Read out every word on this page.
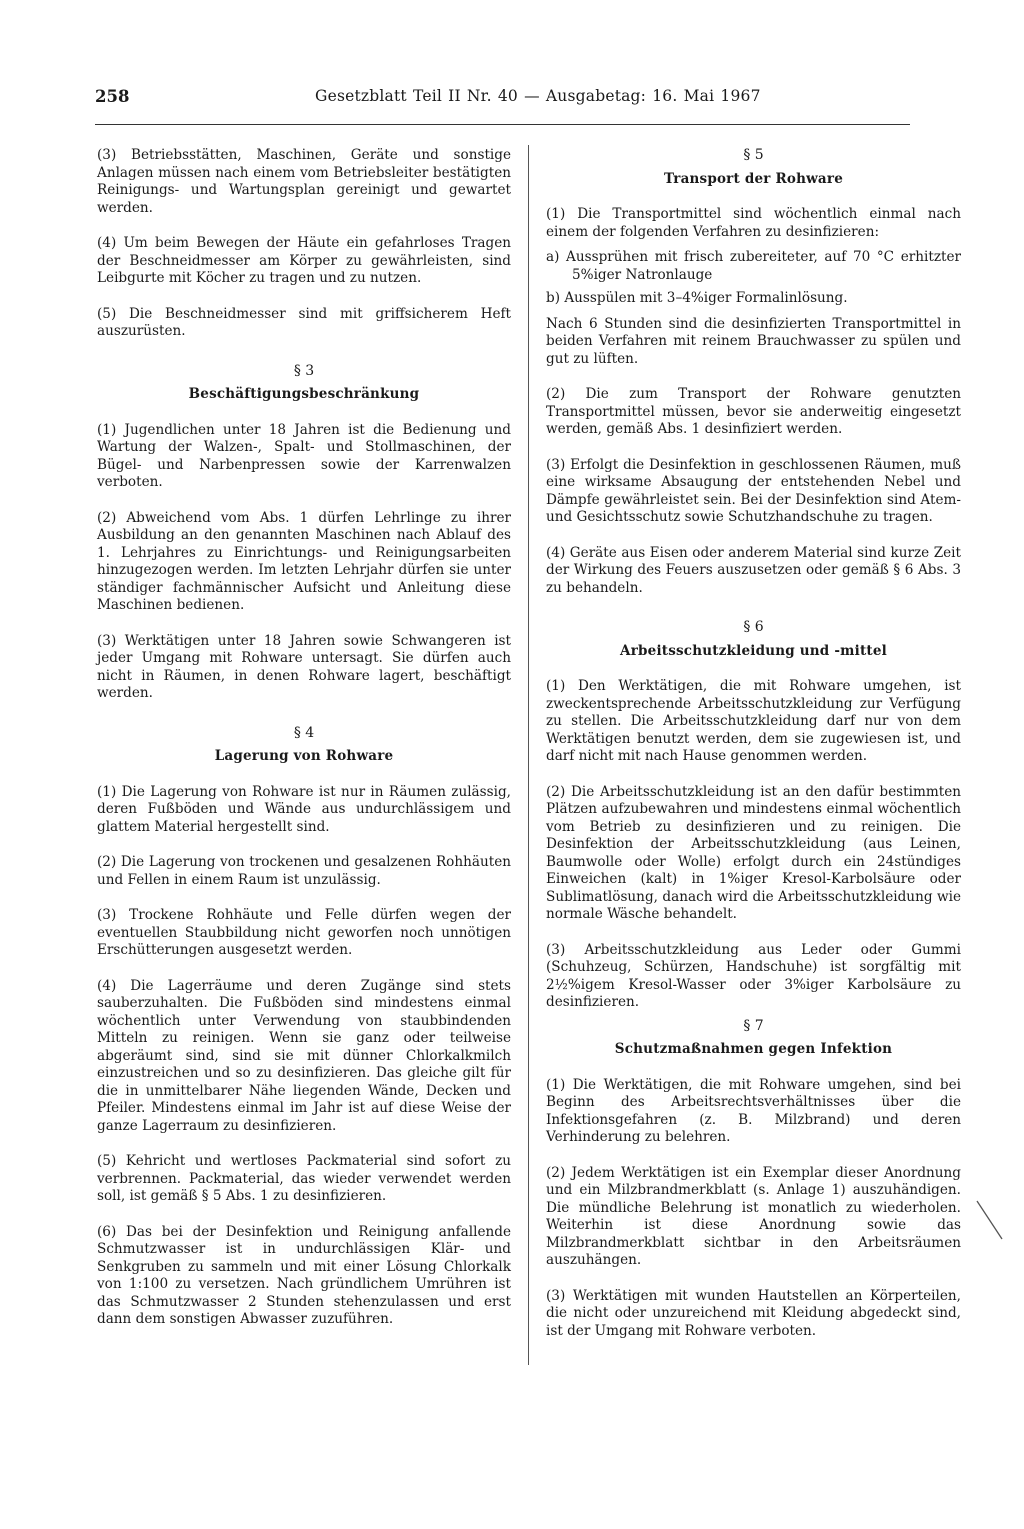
258	Gesetzblatt Teil II Nr. 40 — Ausgabetag: 16. Mai 1967

(3) Betriebsstätten, Maschinen, Geräte und sonstige Anlagen müssen nach einem vom Betriebsleiter bestätigten Reinigungs- und Wartungsplan gereinigt und gewartet werden.

(4) Um beim Bewegen der Häute ein gefahrloses Tragen der Beschneidmesser am Körper zu gewährleisten, sind Leibgurte mit Köcher zu tragen und zu nutzen.

(5) Die Beschneidmesser sind mit griffsicherem Heft auszurüsten.

§ 3
Beschäftigungsbeschränkung

(1) Jugendlichen unter 18 Jahren ist die Bedienung und Wartung der Walzen-, Spalt- und Stollmaschinen, der Bügel- und Narbenpressen sowie der Karrenwalzen verboten.

(2) Abweichend vom Abs. 1 dürfen Lehrlinge zu ihrer Ausbildung an den genannten Maschinen nach Ablauf des 1. Lehrjahres zu Einrichtungs- und Reinigungsarbeiten hinzugezogen werden. Im letzten Lehrjahr dürfen sie unter ständiger fachmännischer Aufsicht und Anleitung diese Maschinen bedienen.

(3) Werktätigen unter 18 Jahren sowie Schwangeren ist jeder Umgang mit Rohware untersagt. Sie dürfen auch nicht in Räumen, in denen Rohware lagert, beschäftigt werden.

§ 4
Lagerung von Rohware

(1) Die Lagerung von Rohware ist nur in Räumen zulässig, deren Fußböden und Wände aus undurchlässigem und glattem Material hergestellt sind.

(2) Die Lagerung von trockenen und gesalzenen Rohhäuten und Fellen in einem Raum ist unzulässig.

(3) Trockene Rohhäute und Felle dürfen wegen der eventuellen Staubbildung nicht geworfen noch unnötigen Erschütterungen ausgesetzt werden.

(4) Die Lagerräume und deren Zugänge sind stets sauberzuhalten. Die Fußböden sind mindestens einmal wöchentlich unter Verwendung von staubbindenden Mitteln zu reinigen. Wenn sie ganz oder teilweise abgeräumt sind, sind sie mit dünner Chlorkalkmilch einzustreichen und so zu desinfizieren. Das gleiche gilt für die in unmittelbarer Nähe liegenden Wände, Decken und Pfeiler. Mindestens einmal im Jahr ist auf diese Weise der ganze Lagerraum zu desinfizieren.

(5) Kehricht und wertloses Packmaterial sind sofort zu verbrennen. Packmaterial, das wieder verwendet werden soll, ist gemäß § 5 Abs. 1 zu desinfizieren.

(6) Das bei der Desinfektion und Reinigung anfallende Schmutzwasser ist in undurchlässigen Klär- und Senkgruben zu sammeln und mit einer Lösung Chlorkalk von 1:100 zu versetzen. Nach gründlichem Umrühren ist das Schmutzwasser 2 Stunden stehenzulassen und erst dann dem sonstigen Abwasser zuzuführen.

§ 5
Transport der Rohware

(1) Die Transportmittel sind wöchentlich einmal nach einem der folgenden Verfahren zu desinfizieren:

a) Aussprühen mit frisch zubereiteter, auf 70 °C erhitzter 5%iger Natronlauge
b) Ausspülen mit 3–4%iger Formalinlösung.

Nach 6 Stunden sind die desinfizierten Transportmittel in beiden Verfahren mit reinem Brauchwasser zu spülen und gut zu lüften.

(2) Die zum Transport der Rohware genutzten Transportmittel müssen, bevor sie anderweitig eingesetzt werden, gemäß Abs. 1 desinfiziert werden.

(3) Erfolgt die Desinfektion in geschlossenen Räumen, muß eine wirksame Absaugung der entstehenden Nebel und Dämpfe gewährleistet sein. Bei der Desinfektion sind Atem- und Gesichtsschutz sowie Schutzhandschuhe zu tragen.

(4) Geräte aus Eisen oder anderem Material sind kurze Zeit der Wirkung des Feuers auszusetzen oder gemäß § 6 Abs. 3 zu behandeln.

§ 6
Arbeitsschutzkleidung und -mittel

(1) Den Werktätigen, die mit Rohware umgehen, ist zweckentsprechende Arbeitsschutzkleidung zur Verfügung zu stellen. Die Arbeitsschutzkleidung darf nur von dem Werktätigen benutzt werden, dem sie zugewiesen ist, und darf nicht mit nach Hause genommen werden.

(2) Die Arbeitsschutzkleidung ist an den dafür bestimmten Plätzen aufzubewahren und mindestens einmal wöchentlich vom Betrieb zu desinfizieren und zu reinigen. Die Desinfektion der Arbeitsschutzkleidung (aus Leinen, Baumwolle oder Wolle) erfolgt durch ein 24stündiges Einweichen (kalt) in 1%iger Kresol-Karbolsäure oder Sublimatlösung, danach wird die Arbeitsschutzkleidung wie normale Wäsche behandelt.

(3) Arbeitsschutzkleidung aus Leder oder Gummi (Schuhzeug, Schürzen, Handschuhe) ist sorgfältig mit 2½%igem Kresol-Wasser oder 3%iger Karbolsäure zu desinfizieren.

§ 7
Schutzmaßnahmen gegen Infektion

(1) Die Werktätigen, die mit Rohware umgehen, sind bei Beginn des Arbeitsrechtsverhältnisses über die Infektionsgefahren (z. B. Milzbrand) und deren Verhinderung zu belehren.

(2) Jedem Werktätigen ist ein Exemplar dieser Anordnung und ein Milzbrandmerkblatt (s. Anlage 1) auszuhändigen. Die mündliche Belehrung ist monatlich zu wiederholen. Weiterhin ist diese Anordnung sowie das Milzbrandmerkblatt sichtbar in den Arbeitsräumen auszuhängen.

(3) Werktätigen mit wunden Hautstellen an Körperteilen, die nicht oder unzureichend mit Kleidung abgedeckt sind, ist der Umgang mit Rohware verboten.
